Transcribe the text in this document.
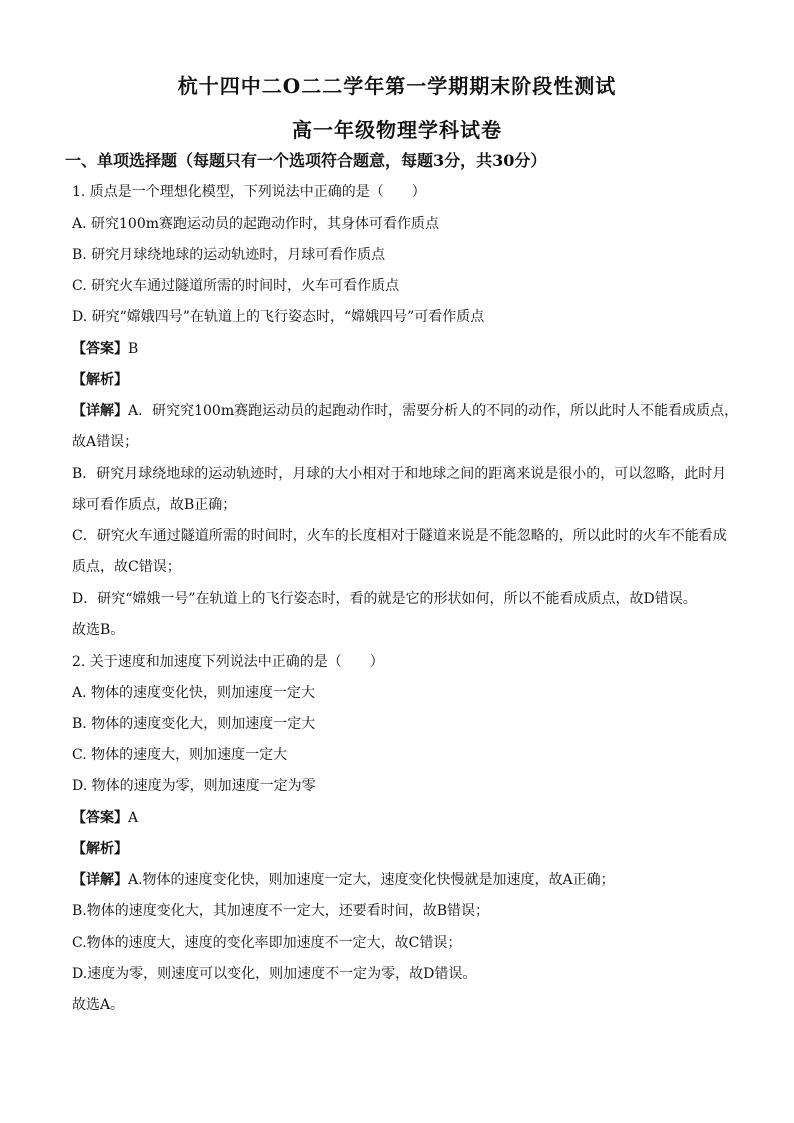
杭十四中二O二二学年第一学期期末阶段性测试
高一年级物理学科试卷
一、单项选择题（每题只有一个选项符合题意，每题3分，共30分）
1. 质点是一个理想化模型，下列说法中正确的是（　　）
A. 研究100m赛跑运动员的起跑动作时，其身体可看作质点
B. 研究月球绕地球的运动轨迹时，月球可看作质点
C. 研究火车通过隧道所需的时间时，火车可看作质点
D. 研究“嫦娥四号”在轨道上的飞行姿态时，“嫦娥四号”可看作质点
【答案】B
【解析】
【详解】A．研究究100m赛跑运动员的起跑动作时，需要分析人的不同的动作，所以此时人不能看成质点，
故A错误；
B．研究月球绕地球的运动轨迹时，月球的大小相对于和地球之间的距离来说是很小的，可以忽略，此时月
球可看作质点，故B正确；
C．研究火车通过隧道所需的时间时，火车的长度相对于隧道来说是不能忽略的，所以此时的火车不能看成
质点，故C错误；
D．研究“嫦娥一号”在轨道上的飞行姿态时，看的就是它的形状如何，所以不能看成质点，故D错误。
故选B。
2. 关于速度和加速度下列说法中正确的是（　　）
A. 物体的速度变化快，则加速度一定大
B. 物体的速度变化大，则加速度一定大
C. 物体的速度大，则加速度一定大
D. 物体的速度为零，则加速度一定为零
【答案】A
【解析】
【详解】A.物体的速度变化快，则加速度一定大，速度变化快慢就是加速度，故A正确；
B.物体的速度变化大，其加速度不一定大，还要看时间，故B错误；
C.物体的速度大，速度的变化率即加速度不一定大，故C错误；
D.速度为零，则速度可以变化，则加速度不一定为零，故D错误。
故选A。
